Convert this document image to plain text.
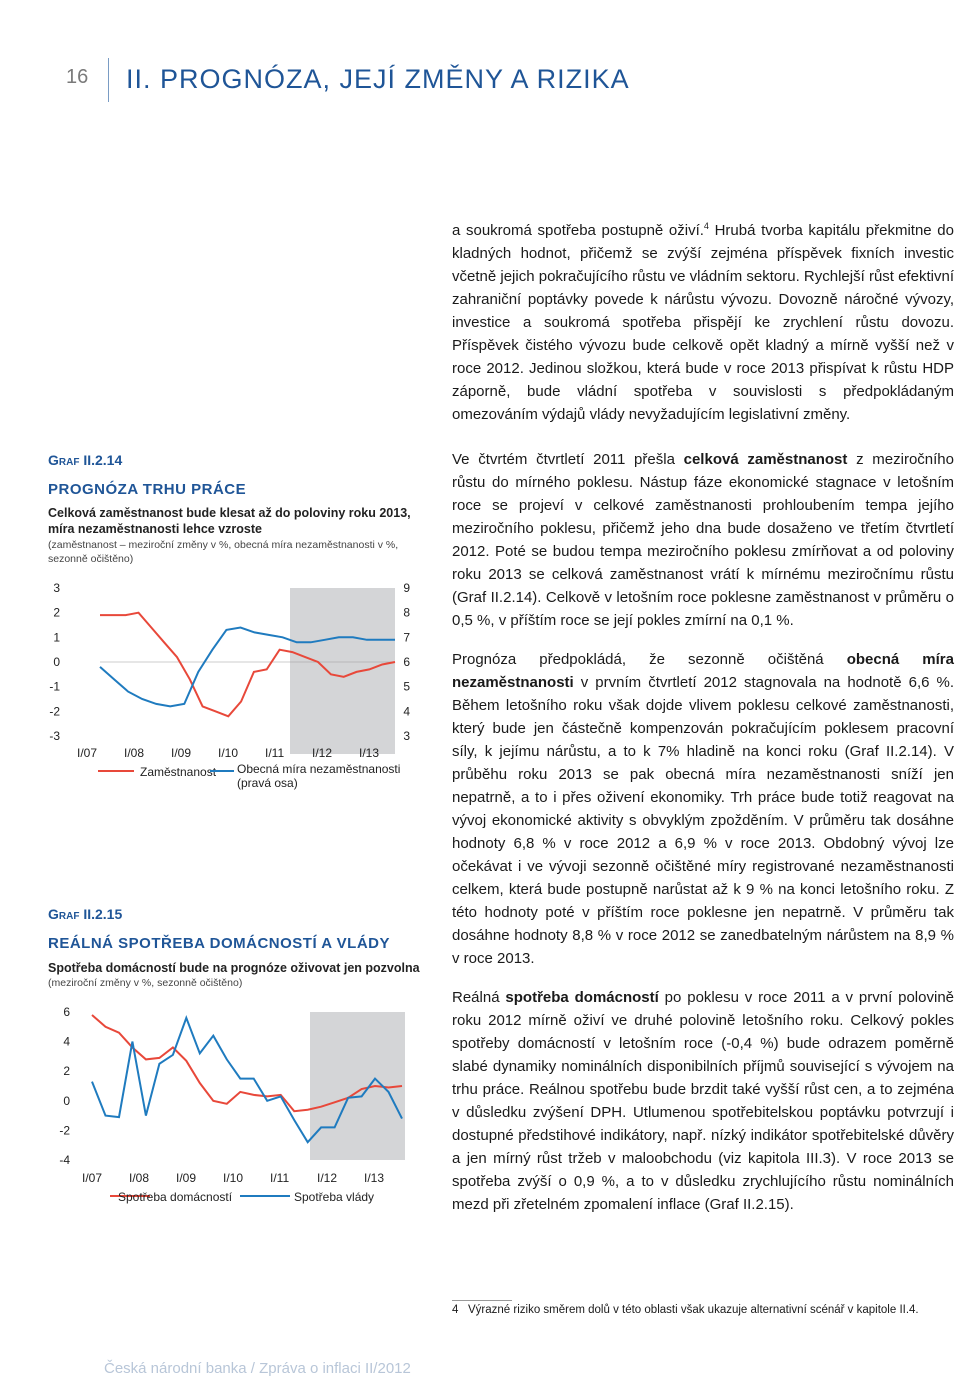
16 II. PROGNÓZA, JEJÍ ZMĚNY A RIZIKA
Graf II.2.14
PROGNÓZA TRHU PRÁCE
Celková zaměstnanost bude klesat až do poloviny roku 2013, míra nezaměstnanosti lehce vzroste
(zaměstnanost – meziroční změny v %, obecná míra nezaměstnanosti v %, sezonně očištěno)
3
2
1
0
-1
-2
-3
9
8
7
6
5
4
3
I/07 I/08 I/09 I/10 I/11 I/12 I/13
Zaměstnanost Obecná míra nezaměstnanosti (pravá osa)
Graf II.2.15
REÁLNÁ SPOTŘEBA DOMÁCNOSTÍ A VLÁDY
Spotřeba domácností bude na prognóze oživovat jen pozvolna
(meziroční změny v %, sezonně očištěno)
6
4
2
0
-2
-4
I/07 I/08 I/09 I/10 I/11 I/12 I/13
Spotřeba domácností	Spotřeba vlády

a soukromá spotřeba postupně oživí.$^4$ Hrubá tvorba kapitálu překmitne do kladných hodnot, přičemž se zvýší zejména příspěvek fixních investic včetně jejich pokračujícího růstu ve vládním sektoru. Rychlejší růst efektivní zahraniční poptávky povede k nárůstu vývozu. Dovozně náročné vývozy, investice a soukromá spotřeba přispějí ke zrychlení růstu dovozu. Příspěvek čistého vývozu bude celkově opět kladný a mírně vyšší než v roce 2012. Jedinou složkou, která bude v roce 2013 přispívat k růstu HDP záporně, bude vládní spotřeba v souvislosti s předpokládaným omezováním výdajů vlády nevyžadujícím legislativní změny.

Ve čtvrtém čtvrtletí 2011 přešla celková zaměstnanost z meziročního růstu do mírného poklesu. Nástup fáze ekonomické stagnace v letošním roce se projeví v celkové zaměstnanosti prohloubením tempa jejího meziročního poklesu, přičemž jeho dna bude dosaženo ve třetím čtvrtletí 2012. Poté se budou tempa meziročního poklesu zmírňovat a od poloviny roku 2013 se celková zaměstnanost vrátí k mírnému meziročnímu růstu (Graf II.2.14). Celkově v letošním roce poklesne zaměstnanost v průměru o 0,5 %, v příštím roce se její pokles zmírní na 0,1 %.

Prognóza předpokládá, že sezonně očištěná obecná míra nezaměstnanosti v prvním čtvrtletí 2012 stagnovala na hodnotě 6,6 %. Během letošního roku však dojde vlivem poklesu celkové zaměstnanosti, který bude jen částečně kompenzován pokračujícím poklesem pracovní síly, k jejímu nárůstu, a to k 7% hladině na konci roku (Graf II.2.14). V průběhu roku 2013 se pak obecná míra nezaměstnanosti sníží jen nepatrně, a to i přes oživení ekonomiky. Trh práce bude totiž reagovat na vývoj ekonomické aktivity s obvyklým zpožděním. V průměru tak dosáhne hodnoty 6,8 % v roce 2012 a 6,9 % v roce 2013. Obdobný vývoj lze očekávat i ve vývoji sezonně očištěné míry registrované nezaměstnanosti celkem, která bude postupně narůstat až k 9 % na konci letošního roku. Z této hodnoty poté v příštím roce poklesne jen nepatrně. V průměru tak dosáhne hodnoty 8,8 % v roce 2012 se zanedbatelným nárůstem na 8,9 % v roce 2013.

Reálná spotřeba domácností po poklesu v roce 2011 a v první polovině roku 2012 mírně oživí ve druhé polovině letošního roku. Celkový pokles spotřeby domácností v letošním roce (-0,4 %) bude odrazem poměrně slabé dynamiky nominálních disponibilních příjmů související s vývojem na trhu práce. Reálnou spotřebu bude brzdit také vyšší růst cen, a to zejména v důsledku zvýšení DPH. Utlumenou spotřebitelskou poptávku potvrzují i dostupné předstihové indikátory, např. nízký indikátor spotřebitelské důvěry a jen mírný růst tržeb v maloobchodu (viz kapitola III.3). V roce 2013 se spotřeba zvýší o 0,9 %, a to v důsledku zrychlujícího růstu nominálních mezd při zřetelném zpomalení inflace (Graf II.2.15).

4 Výrazné riziko směrem dolů v této oblasti však ukazuje alternativní scénář v kapitole II.4.
Česká národní banka / Zpráva o inflaci II/2012
